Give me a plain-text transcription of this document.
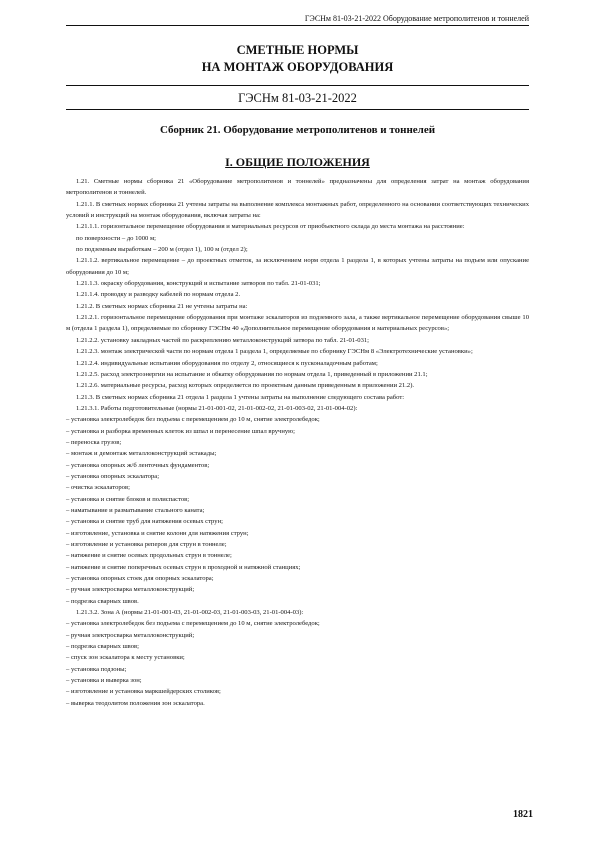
ГЭСНм 81-03-21-2022 Оборудование метрополитенов и тоннелей
СМЕТНЫЕ НОРМЫ
НА МОНТАЖ ОБОРУДОВАНИЯ
ГЭСНм 81-03-21-2022
Сборник 21. Оборудование метрополитенов и тоннелей
I. ОБЩИЕ ПОЛОЖЕНИЯ

1.21. Сметные нормы сборника 21 «Оборудование метрополитенов и тоннелей» предназначены для определения затрат на монтаж оборудования метрополитенов и тоннелей.

1.21.1. В сметных нормах сборника 21 учтены затраты на выполнение комплекса монтажных работ, определенного на основании соответствующих технических условий и инструкций на монтаж оборудования, включая затраты на:

1.21.1.1. горизонтальное перемещение оборудования и материальных ресурсов от приобъектного склада до места монтажа на расстояние:

по поверхности – до 1000 м;

по подземным выработкам – 200 м (отдел 1), 100 м (отдел 2);

1.21.1.2. вертикальное перемещение – до проектных отметок, за исключением норм отдела 1 раздела 1, в которых учтены затраты на подъем или опускание оборудования до 10 м;

1.21.1.3. окраску оборудования, конструкций и испытание затворов по табл. 21-01-031;

1.21.1.4. проводку и разводку кабелей по нормам отдела 2.

1.21.2. В сметных нормах сборника 21 не учтены затраты на:

1.21.2.1. горизонтальное перемещение оборудования при монтаже эскалаторов из подземного зала, а также вертикальное перемещение оборудования свыше 10 м (отдела 1 раздела 1), определяемые по сборнику ГЭСНм 40 «Дополнительное перемещение оборудования и материальных ресурсов»;

1.21.2.2. установку закладных частей по раскреплению металлоконструкций затвора по табл. 21-01-031;

1.21.2.3. монтаж электрической части по нормам отдела 1 раздела 1, определяемые по сборнику ГЭСНм 8 «Электротехнические установки»;

1.21.2.4. индивидуальные испытания оборудования по отделу 2, относящиеся к пусконаладочным работам;

1.21.2.5. расход электроэнергии на испытание и обкатку оборудования по нормам отдела 1, приведенный в приложении 21.1;

1.21.2.6. материальные ресурсы, расход которых определяется по проектным данным приведенным в приложении 21.2).

1.21.3. В сметных нормах сборника 21 отдела 1 раздела 1 учтены затраты на выполнение следующего состава работ:

1.21.3.1. Работы подготовительные (нормы 21-01-001-02, 21-01-002-02, 21-01-003-02, 21-01-004-02):

– установка электролебедок без подъема с перемещением до 10 м, снятие электролебедок;

– установка и разборка временных клеток из шпал и перенесение шпал вручную;

– переноска грузов;

– монтаж и демонтаж металлоконструкций эстакады;

– установка опорных ж/б ленточных фундаментов;

– установка опорных эскалатора;

– очистка эскалаторов;

– установка и снятие блоков и полиспастов;

– наматывание и разматывание стального каната;

– установка и снятие труб для натяжения осевых струн;

– изготовление, установка и снятие колонн для натяжения струн;

– изготовление и установка реперов для струн в тоннеле;

– натяжение и снятие осевых продольных струн в тоннеле;

– натяжение и снятие поперечных осевых струн в проходной и натяжной станциях;

– установка опорных стоек для опорных эскалатора;

– ручная электросварка металлоконструкций;

– подрезка сварных швов.

1.21.3.2. Зона А (нормы 21-01-001-03, 21-01-002-03, 21-01-003-03, 21-01-004-03):

– установка электролебедок без подъема с перемещением до 10 м, снятие электролебедок;

– ручная электросварка металлоконструкций;

– подрезка сварных швов;

– спуск зон эскалатора к месту установки;

– установка подзоны;

– установка и выверка зон;

– изготовление и установка маркшейдерских столиков;

– выверка теодолитом положения зон эскалатора.

1821
